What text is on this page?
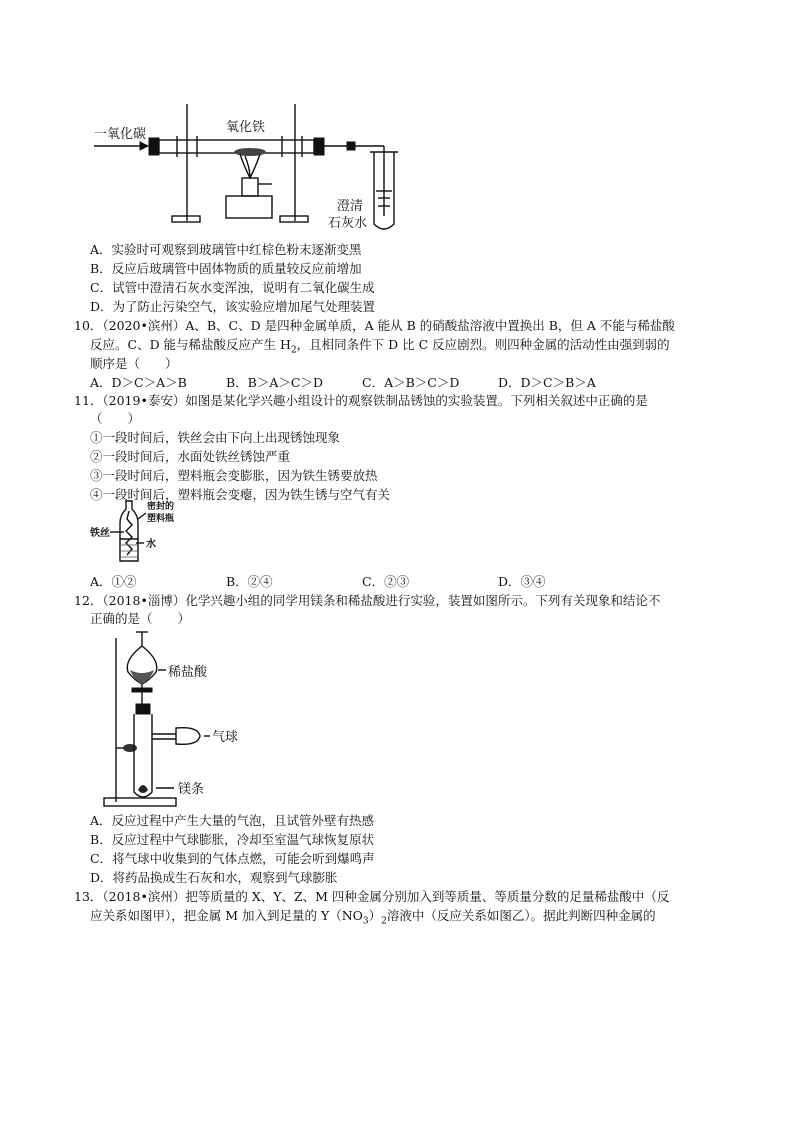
一氧化碳	氧化铁
澄清
石灰水
A．实验时可观察到玻璃管中红棕色粉末逐渐变黑
B．反应后玻璃管中固体物质的质量较反应前增加
C．试管中澄清石灰水变浑浊，说明有二氧化碳生成
D．为了防止污染空气，该实验应增加尾气处理装置
10．（2020•滨州）A、B、C、D 是四种金属单质，A 能从 B 的硝酸盐溶液中置换出 B，但 A 不能与稀盐酸
反应。C、D 能与稀盐酸反应产生 $H_2$，且相同条件下 D 比 C 反应剧烈。则四种金属的活动性由强到弱的
顺序是（　　）
A．D＞C＞A＞B	B．B＞A＞C＞D	C．A＞B＞C＞D	D．D＞C＞B＞A
11．（2019•泰安）如图是某化学兴趣小组设计的观察铁制品锈蚀的实验装置。下列相关叙述中正确的是
（　　）
①一段时间后，铁丝会由下向上出现锈蚀现象
②一段时间后，水面处铁丝锈蚀严重
③一段时间后，塑料瓶会变膨胀，因为铁生锈要放热
④一段时间后，塑料瓶会变瘪，因为铁生锈与空气有关
密封的
塑料瓶
铁丝
水
A．①②	B．②④	C．②③	D．③④
12．（2018•淄博）化学兴趣小组的同学用镁条和稀盐酸进行实验，装置如图所示。下列有关现象和结论不
正确的是（　　）
稀盐酸
气球
镁条
A．反应过程中产生大量的气泡，且试管外壁有热感
B．反应过程中气球膨胀，冷却至室温气球恢复原状
C．将气球中收集到的气体点燃，可能会听到爆鸣声
D．将药品换成生石灰和水，观察到气球膨胀
13．（2018•滨州）把等质量的 X、Y、Z、M 四种金属分别加入到等质量、等质量分数的足量稀盐酸中（反
应关系如图甲），把金属 M 加入到足量的 $Y(NO_3)_2$溶液中（反应关系如图乙）。据此判断四种金属的
